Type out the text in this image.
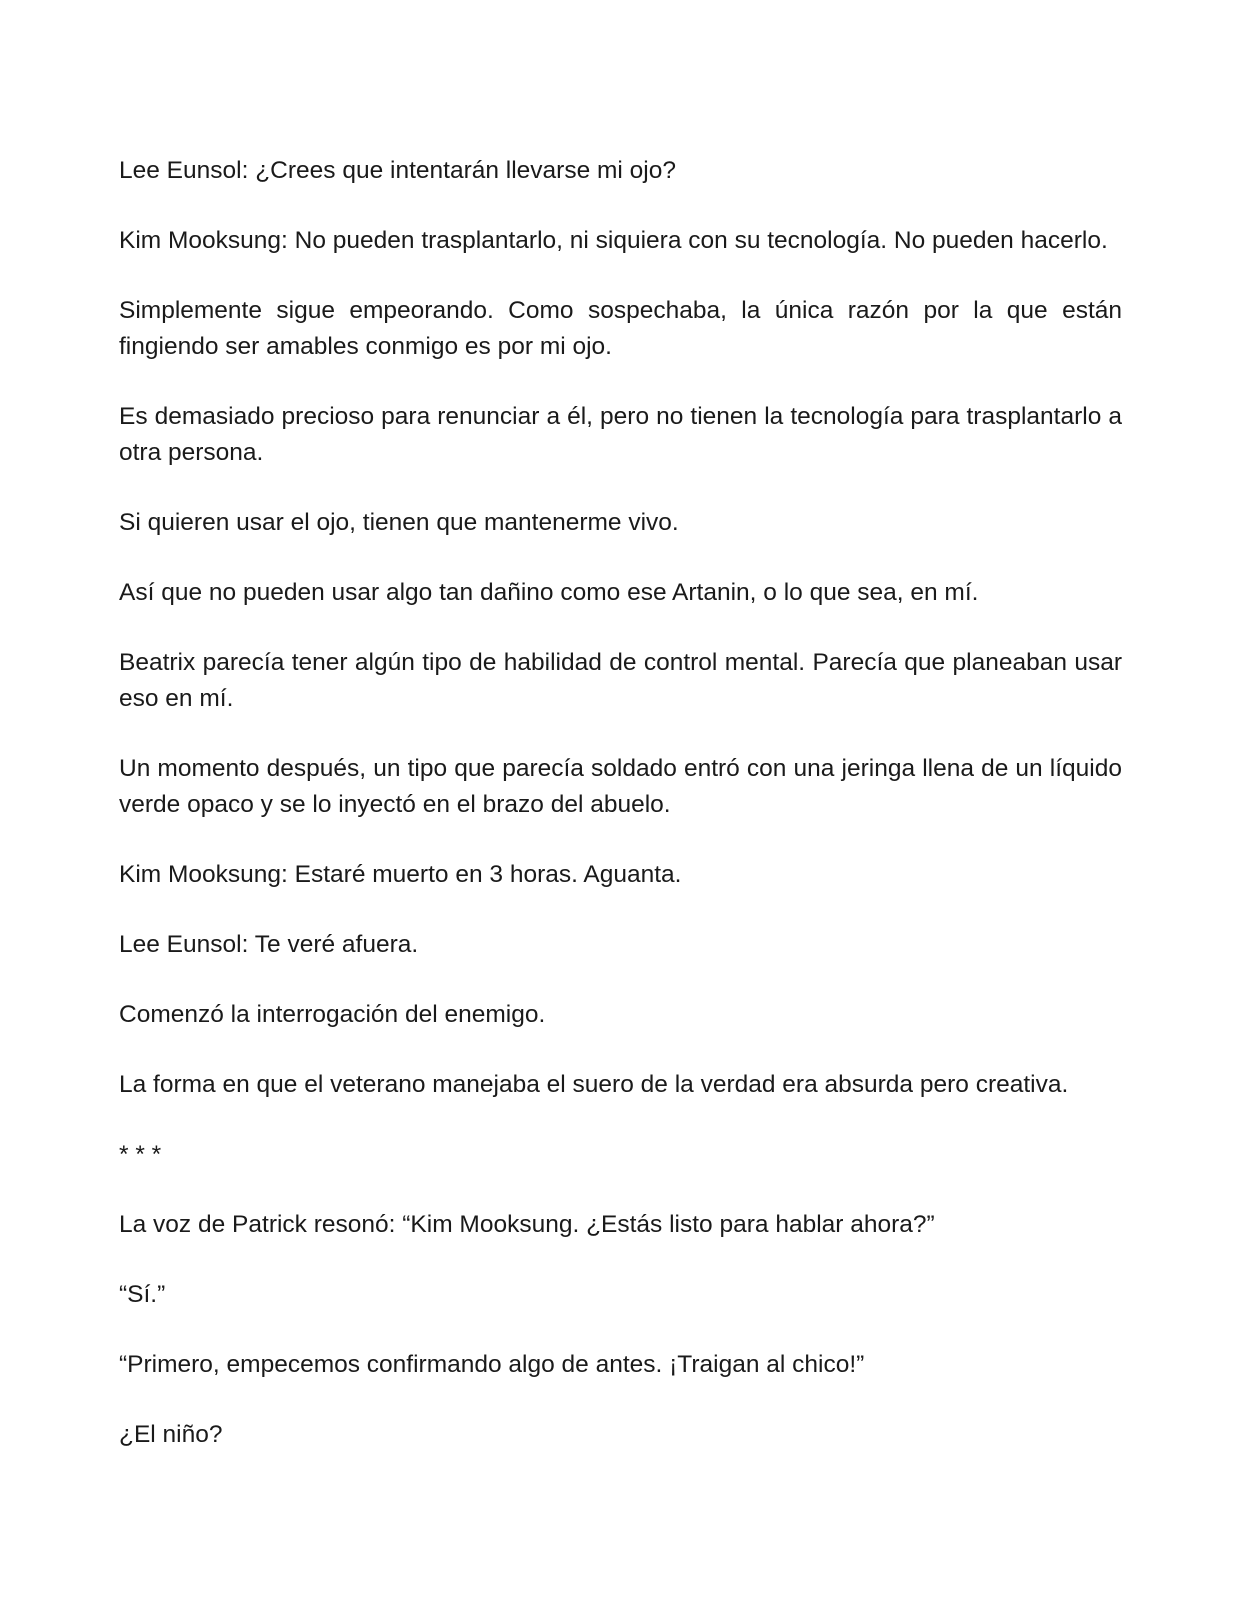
Lee Eunsol: ¿Crees que intentarán llevarse mi ojo?

Kim Mooksung: No pueden trasplantarlo, ni siquiera con su tecnología. No pueden hacerlo.

Simplemente sigue empeorando. Como sospechaba, la única razón por la que están fingiendo ser amables conmigo es por mi ojo.

Es demasiado precioso para renunciar a él, pero no tienen la tecnología para trasplantarlo a otra persona.

Si quieren usar el ojo, tienen que mantenerme vivo.

Así que no pueden usar algo tan dañino como ese Artanin, o lo que sea, en mí.

Beatrix parecía tener algún tipo de habilidad de control mental. Parecía que planeaban usar eso en mí.

Un momento después, un tipo que parecía soldado entró con una jeringa llena de un líquido verde opaco y se lo inyectó en el brazo del abuelo.

Kim Mooksung: Estaré muerto en 3 horas. Aguanta.

Lee Eunsol: Te veré afuera.

Comenzó la interrogación del enemigo.

La forma en que el veterano manejaba el suero de la verdad era absurda pero creativa.

* * *

La voz de Patrick resonó: “Kim Mooksung. ¿Estás listo para hablar ahora?”

“Sí.”

“Primero, empecemos confirmando algo de antes. ¡Traigan al chico!”

¿El niño?
